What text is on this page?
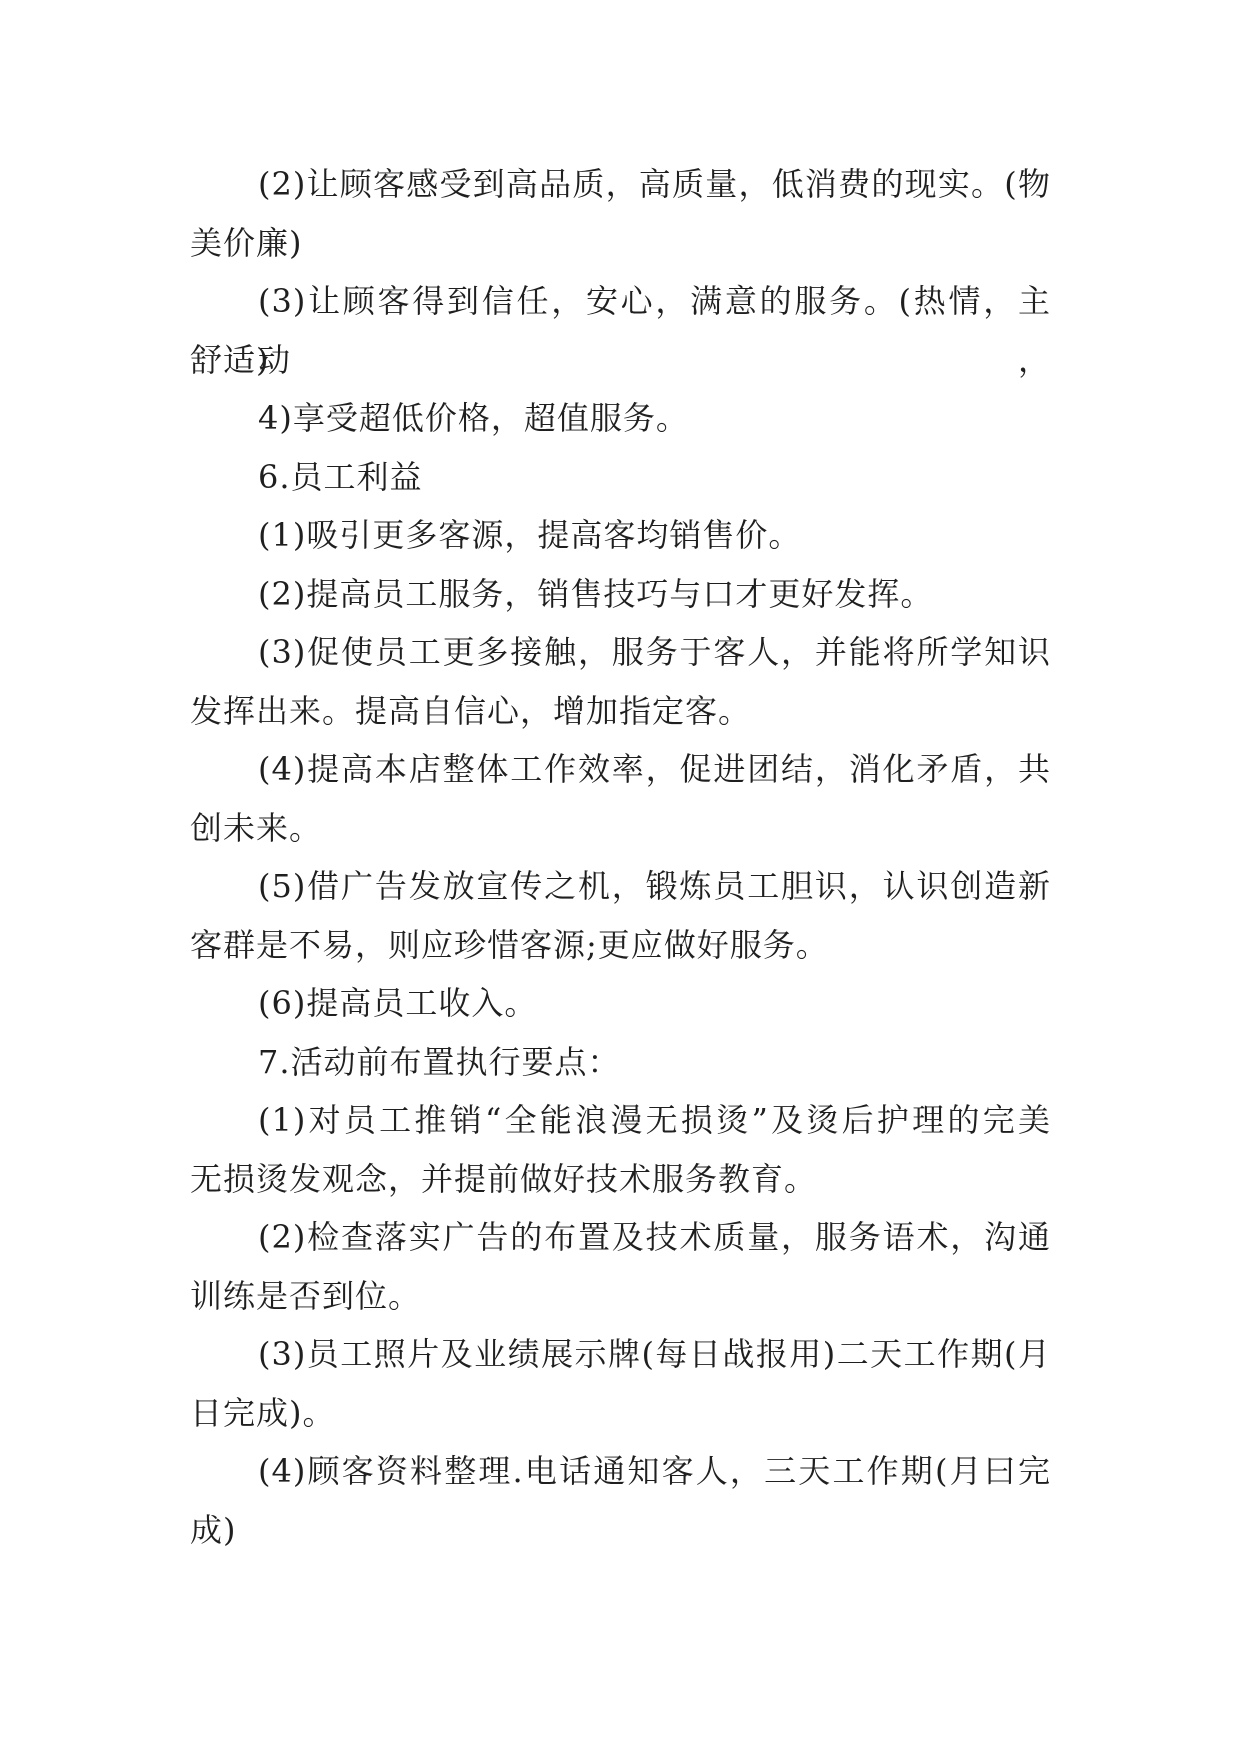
(2)让顾客感受到高品质，高质量，低消费的现实。(物
美价廉)
(3)让顾客得到信任，安心，满意的服务。(热情，主动，
舒适)
4)享受超低价格，超值服务。
6.员工利益
(1)吸引更多客源，提高客均销售价。
(2)提高员工服务，销售技巧与口才更好发挥。
(3)促使员工更多接触，服务于客人，并能将所学知识
发挥出来。提高自信心，增加指定客。
(4)提高本店整体工作效率，促进团结，消化矛盾，共
创未来。
(5)借广告发放宣传之机，锻炼员工胆识，认识创造新
客群是不易，则应珍惜客源;更应做好服务。
(6)提高员工收入。
7.活动前布置执行要点：
(1)对员工推销“全能浪漫无损烫”及烫后护理的完美
无损烫发观念，并提前做好技术服务教育。
(2)检查落实广告的布置及技术质量，服务语术，沟通
训练是否到位。
(3)员工照片及业绩展示牌(每日战报用)二天工作期(月
日完成)。
(4)顾客资料整理.电话通知客人，三天工作期(月曰完
成)
